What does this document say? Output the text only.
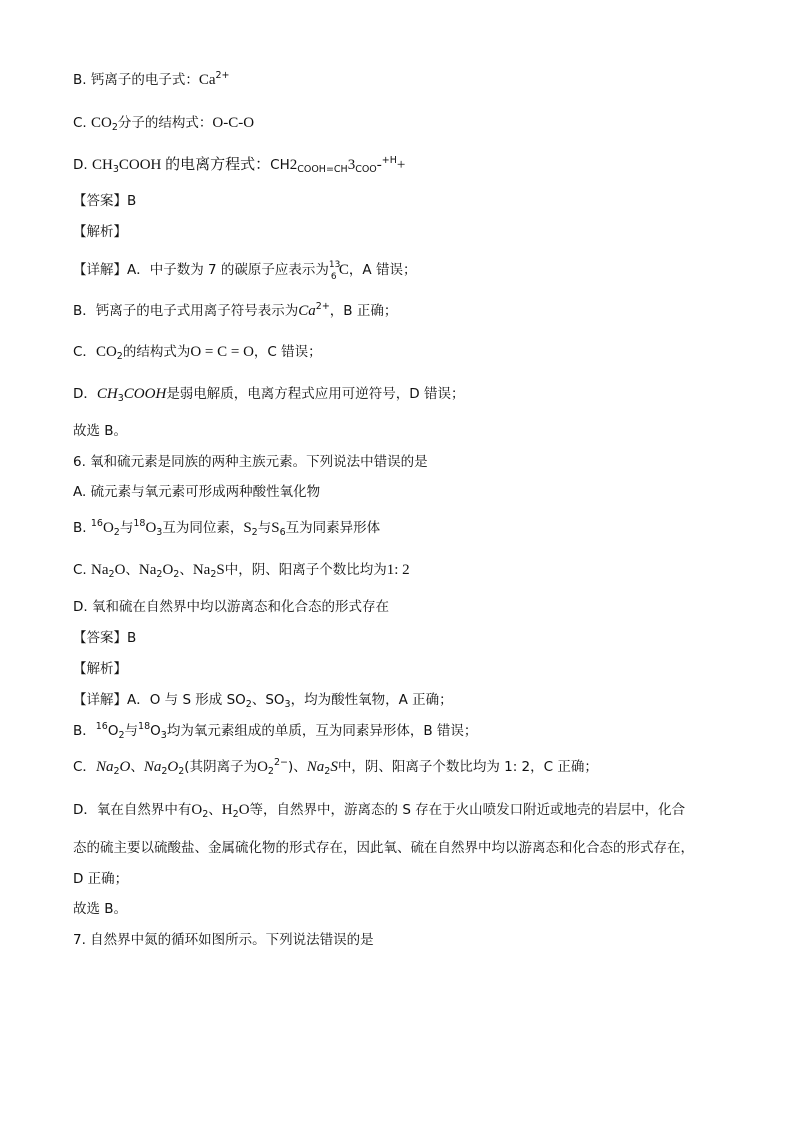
B. 钙离子的电子式：$Ca^{2+}$
C. $CO_2$分子的结构式：O-C-O
D. $CH_3COOH$ 的电离方程式：$CH2_{COOH=CH}3_{COO}-^{+H}+$
【答案】B
【解析】
【详解】A．中子数为 7 的碳原子应表示为 13
6 C，A 错误；
B．钙离子的电子式用离子符号表示为$Ca^{2+}$，B 正确；
C．$CO_2$的结构式为O = C = O，C 错误；
D．$CH_3COOH$是弱电解质，电离方程式应用可逆符号，D 错误；
故选 B。
6. 氧和硫元素是同族的两种主族元素。下列说法中错误的是
A. 硫元素与氧元素可形成两种酸性氧化物
B. $^{16}O_2$与$^{18}O_3$互为同位素，$S_2$与$S_6$互为同素异形体
C. $Na_2O$、$Na_2O_2$、$Na_2S$中，阴、阳离子个数比均为1: 2
D. 氧和硫在自然界中均以游离态和化合态的形式存在
【答案】B
【解析】
【详解】A．O 与 S 形成 $SO_2$、$SO_3$，均为酸性氧物，A 正确；
B．$^{16}O_2$与$^{18}O_3$均为氧元素组成的单质，互为同素异形体，B 错误；
C．$Na_2O$、$Na_2O_2$(其阴离子为$O_2^{2-}$)、$Na_2S$中，阴、阳离子个数比均为 1: 2，C 正确；
D．氧在自然界中有$O_2$、$H_2O$等，自然界中，游离态的 S 存在于火山喷发口附近或地壳的岩层中，化合
态的硫主要以硫酸盐、金属硫化物的形式存在，因此氧、硫在自然界中均以游离态和化合态的形式存在，
D 正确；
故选 B。
7. 自然界中氮的循环如图所示。下列说法错误的是
